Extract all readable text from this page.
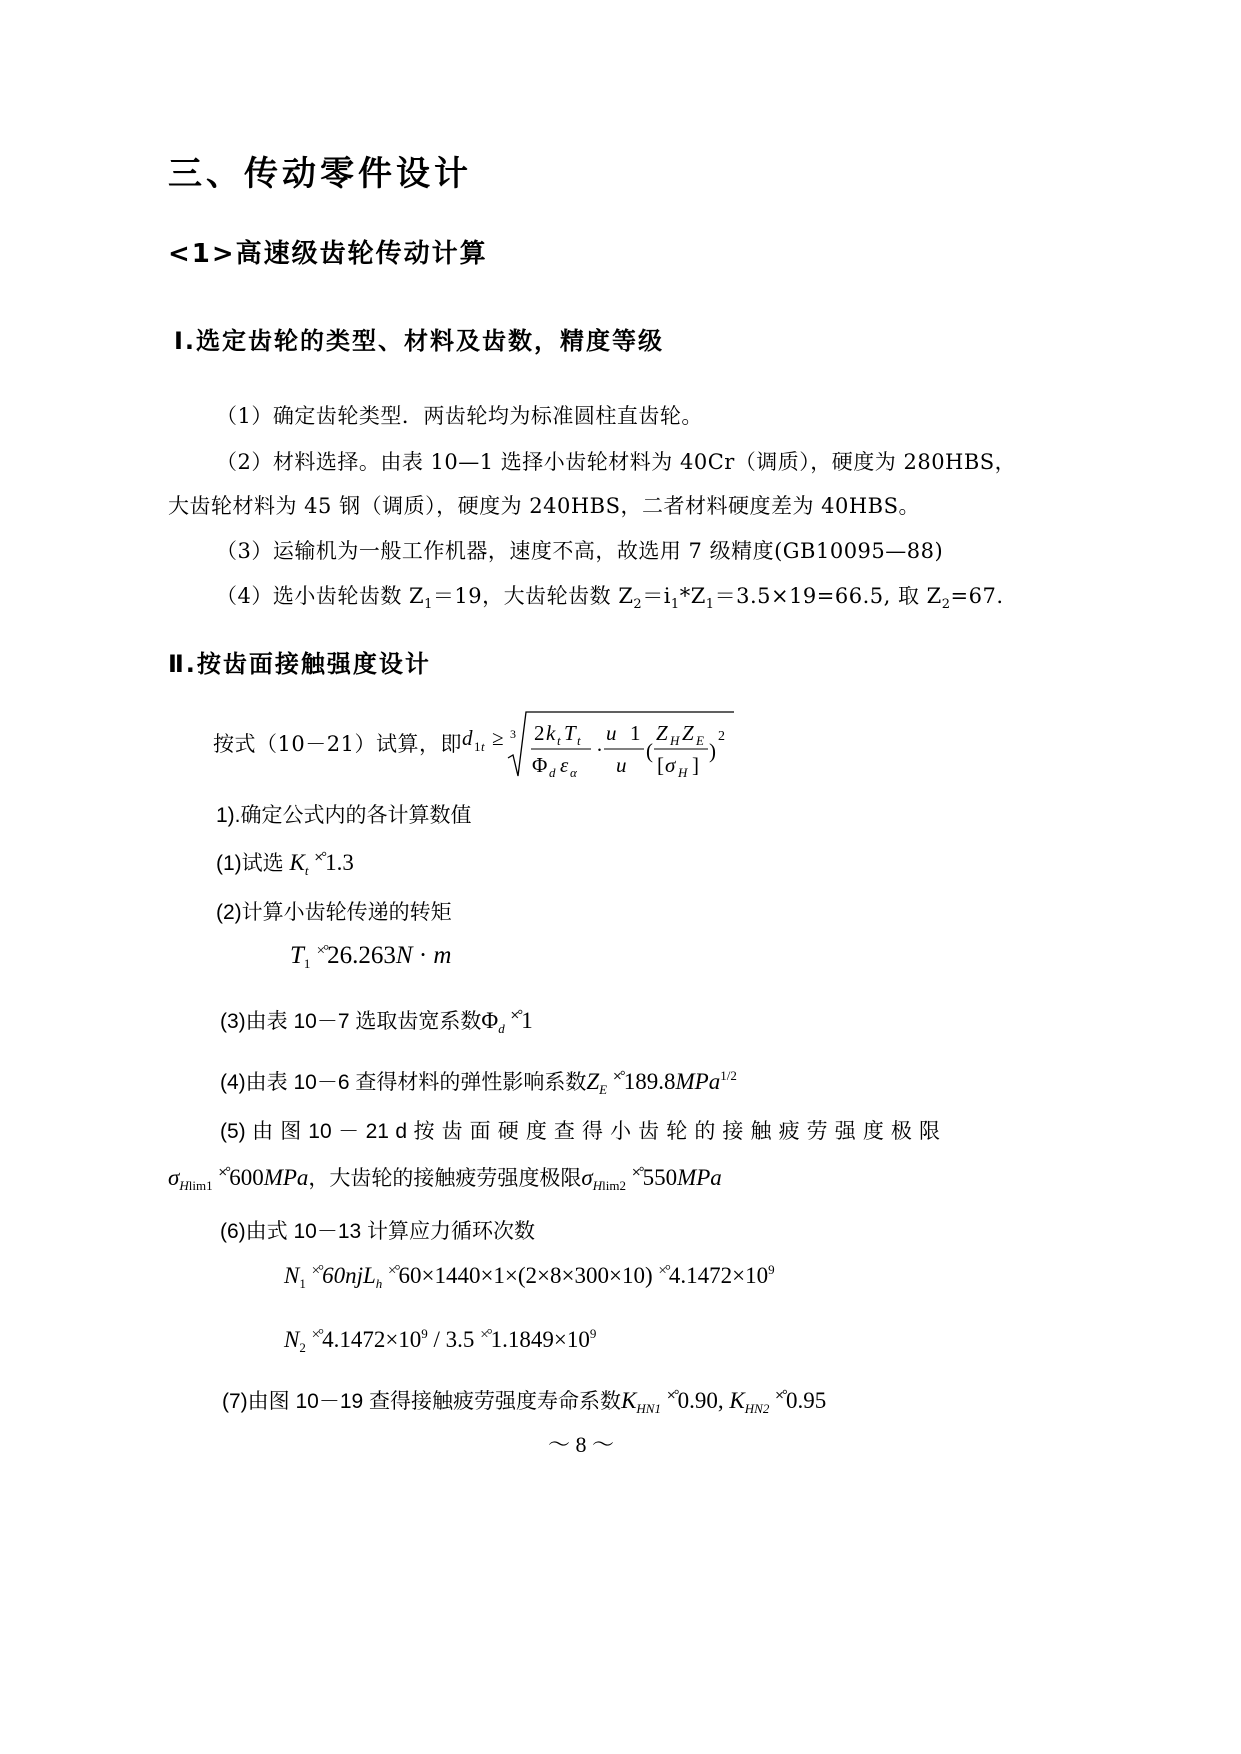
三、传动零件设计
<1>高速级齿轮传动计算
Ⅰ.选定齿轮的类型、材料及齿数，精度等级
（1）确定齿轮类型．两齿轮均为标准圆柱直齿轮。
（2）材料选择。由表 10—1 选择小齿轮材料为 40Cr（调质），硬度为 280HBS，
大齿轮材料为 45 钢（调质），硬度为 240HBS，二者材料硬度差为 40HBS。
（3）运输机为一般工作机器，速度不高，故选用 7 级精度(GB10095—88)
（4）选小齿轮齿数 $Z_1=19$，大齿轮齿数 $Z_2=i_1*Z_1=3.5\times 19=66.5$, 取 $Z_2=67$.
Ⅱ.按齿面接触强度设计
按式（10－21）试算，即 d 1 t ≥ 3 2 k t T t
Φ d ε α
·
u 1
u
(
Z H Z E
[ σ H ]
)
2
1).确定公式内的各计算数值
(1)试选 $K_t$ ×°1.3
(2)计算小齿轮传递的转矩
$T_1$ ×°26.263N · m
(3)由表 10－7 选取齿宽系数$\Phi_d$ ×°1
(4)由表 10－6 查得材料的弹性影响系数$Z_E$ ×°189.8MPa$^{1/2}$
(5) 由 图 10 － 21 d 按 齿 面 硬 度 查 得 小 齿 轮 的 接 触 疲 劳 强 度 极 限
$\sigma_{Hlim1}$ ×°600MPa，大齿轮的接触疲劳强度极限$\sigma_{Hlim2}$ ×°550MPa
(6)由式 10－13 计算应力循环次数
$N_1$ ×°60njL$_h$ ×°60×1440×1×(2×8×300×10) $^{\times^\circ}4.1472\times 10^9$
$N_2$ $^{\times^\circ}4.1472\times 10^9 / 3.5$ $^{\times^\circ}1.1849\times 10^9$
(7)由图 10－19 查得接触疲劳强度寿命系数$K_{HN1}$ ×°0.90, $K_{HN2}$ ×°0.95
～ 8 ～
